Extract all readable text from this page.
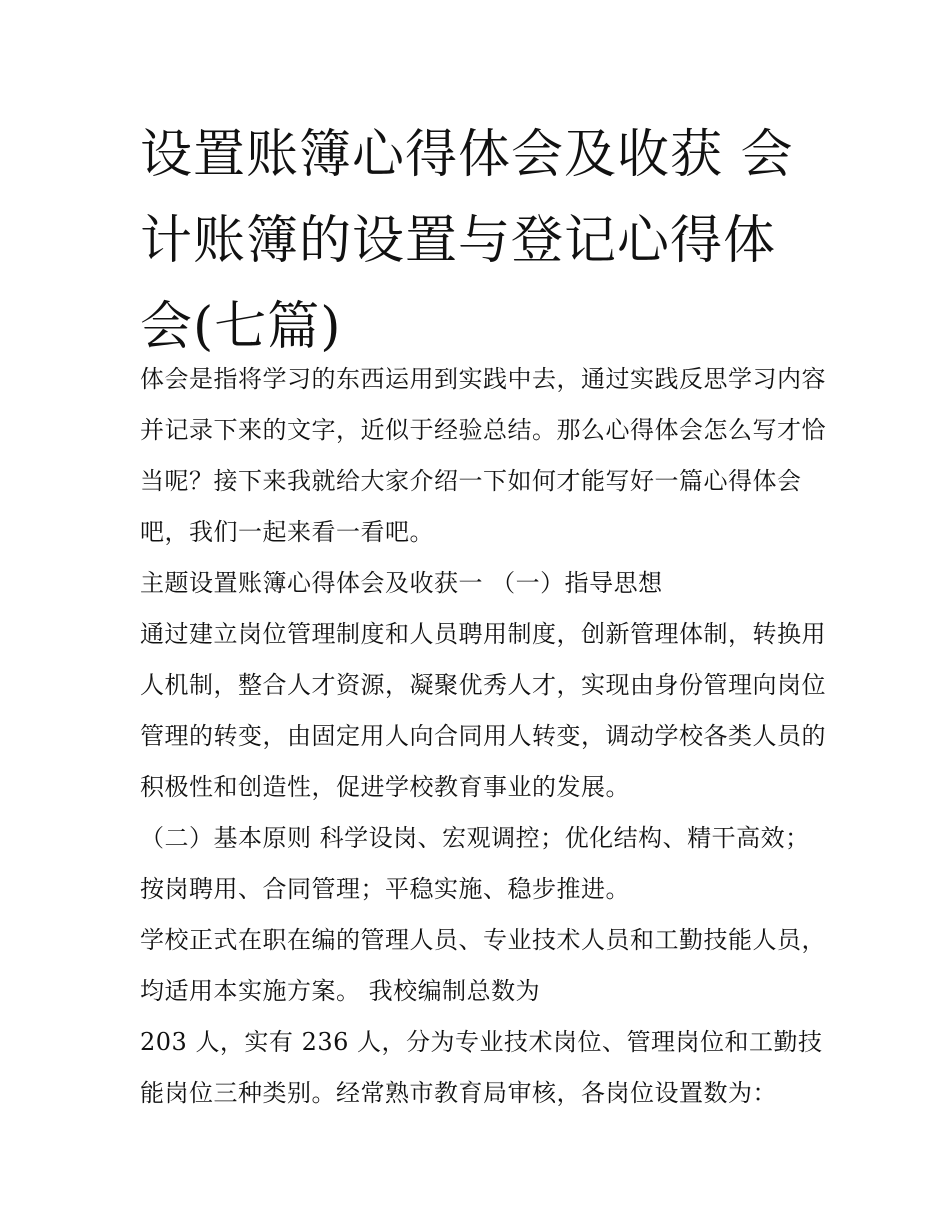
设置账簿心得体会及收获 会计账簿的设置与登记心得体会(七篇)

体会是指将学习的东西运用到实践中去，通过实践反思学习内容并记录下来的文字，近似于经验总结。那么心得体会怎么写才恰当呢？接下来我就给大家介绍一下如何才能写好一篇心得体会吧，我们一起来看一看吧。

主题设置账簿心得体会及收获一 （一）指导思想

通过建立岗位管理制度和人员聘用制度，创新管理体制，转换用人机制，整合人才资源，凝聚优秀人才，实现由身份管理向岗位管理的转变，由固定用人向合同用人转变，调动学校各类人员的积极性和创造性，促进学校教育事业的发展。

（二）基本原则 科学设岗、宏观调控；优化结构、精干高效；按岗聘用、合同管理；平稳实施、稳步推进。

学校正式在职在编的管理人员、专业技术人员和工勤技能人员，均适用本实施方案。 我校编制总数为

203 人，实有 236 人，分为专业技术岗位、管理岗位和工勤技能岗位三种类别。经常熟市教育局审核，各岗位设置数为：
